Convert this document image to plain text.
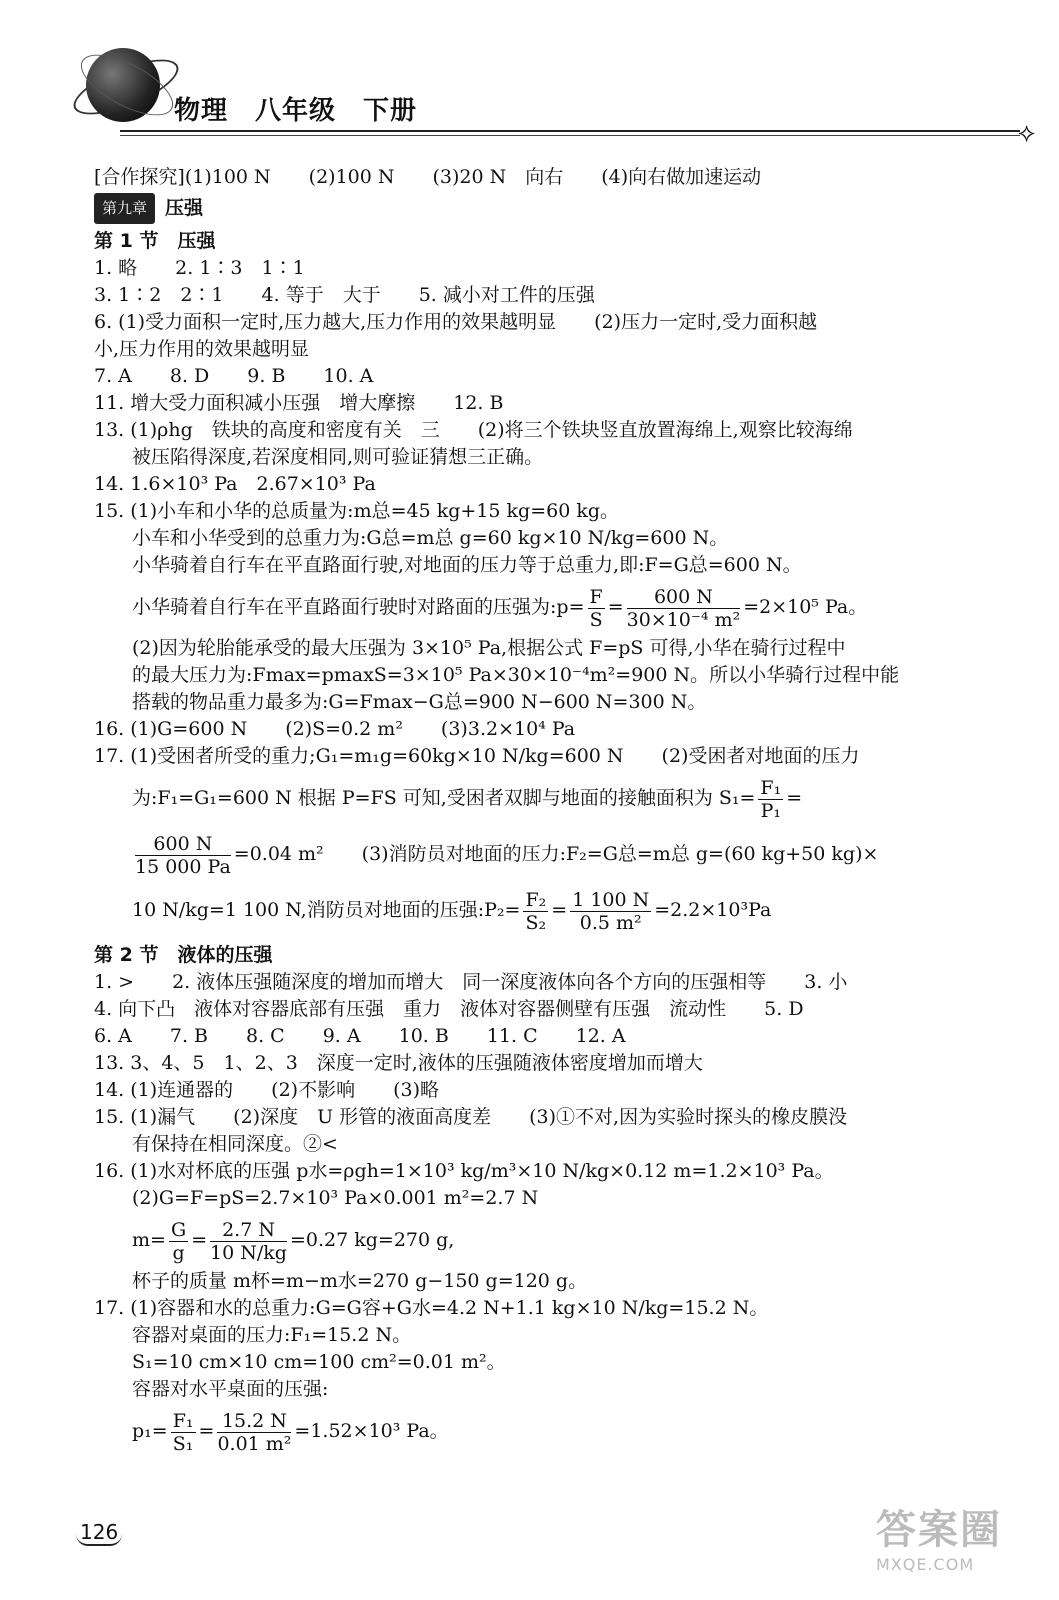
物理　八年级　下册
⟡
[合作探究](1)100 N　　(2)100 N　　(3)20 N　向右　　(4)向右做加速运动
第九章 压强
第 1 节　压强
1. 略　　2. 1∶3　1∶1
3. 1∶2　2∶1　　4. 等于　大于　　5. 减小对工件的压强
6. (1)受力面积一定时,压力越大,压力作用的效果越明显　　(2)压力一定时,受力面积越
小,压力作用的效果越明显
7. A　　8. D　　9. B　　10. A
11. 增大受力面积减小压强　增大摩擦　　12. B
13. (1)ρhg　铁块的高度和密度有关　三　　(2)将三个铁块竖直放置海绵上,观察比较海绵
被压陷得深度,若深度相同,则可验证猜想三正确。
14. 1.6×10³ Pa　2.67×10³ Pa
15. (1)小车和小华的总质量为:m总=45 kg+15 kg=60 kg。
小车和小华受到的总重力为:G总=m总 g=60 kg×10 N/kg=600 N。
小华骑着自行车在平直路面行驶,对地面的压力等于总重力,即:F=G总=600 N。
小华骑着自行车在平直路面行驶时对路面的压强为:p= $\frac{F}{S} = \frac{600 N}{\text{30×10⁻⁴ m²}} =2\times 10^5$ Pa。
(2)因为轮胎能承受的最大压强为 3×10⁵ Pa,根据公式 F=pS 可得,小华在骑行过程中
的最大压力为:Fmax=pmaxS=3×10⁵ Pa×30×10⁻⁴m²=900 N。所以小华骑行过程中能
搭载的物品重力最多为:G=Fmax−G总=900 N−600 N=300 N。
16. (1)G=600 N　　(2)S=0.2 m²　　(3)3.2×10⁴ Pa
17. (1)受困者所受的重力;G₁=m₁g=60kg×10 N/kg=600 N　　(2)受困者对地面的压力
为:F₁=G₁=600 N 根据 P=FS 可知,受困者双脚与地面的接触面积为 $S_1= \frac{\text{F₁}}{\text{P₁}}$ =
$\frac{600 N}{15 000 Pa} =0.04$ m²　　(3)消防员对地面的压力:F₂=G总=m总 g=(60 kg+50 kg)×
10 N/kg=1 100 N,消防员对地面的压强:P₂= $\frac{\text{F₂}}{\text{S₂}} = \frac{1 100 N}{\text{0.5 m²}} =2.2\times 10^3Pa$
第 2 节　液体的压强
1. >　　2. 液体压强随深度的增加而增大　同一深度液体向各个方向的压强相等　　3. 小
4. 向下凸　液体对容器底部有压强　重力　液体对容器侧壁有压强　流动性　　5. D
6. A　　7. B　　8. C　　9. A　　10. B　　11. C　　12. A
13. 3、4、5　1、2、3　深度一定时,液体的压强随液体密度增加而增大
14. (1)连通器的　　(2)不影响　　(3)略
15. (1)漏气　　(2)深度　U 形管的液面高度差　　(3)①不对,因为实验时探头的橡皮膜没
有保持在相同深度。②<
16. (1)水对杯底的压强 p水=ρgh=1×10³ kg/m³×10 N/kg×0.12 m=1.2×10³ Pa。
(2)G=F=pS=2.7×10³ Pa×0.001 m²=2.7 N
$m= \frac{G}{g} = \frac{2.7 N}{10 N/kg} =0.27$ kg=270 g,
杯子的质量 m杯=m−m水=270 g−150 g=120 g。
17. (1)容器和水的总重力:G=G容+G水=4.2 N+1.1 kg×10 N/kg=15.2 N。
容器对桌面的压力:F₁=15.2 N。
S₁=10 cm×10 cm=100 cm²=0.01 m²。
容器对水平桌面的压强:
$p_1= \frac{\text{F₁}}{\text{S₁}} = \frac{15.2 N}{\text{0.01 m²}} =1.52\times 10^3$ Pa。
126	答案圈
MXQE.COM
